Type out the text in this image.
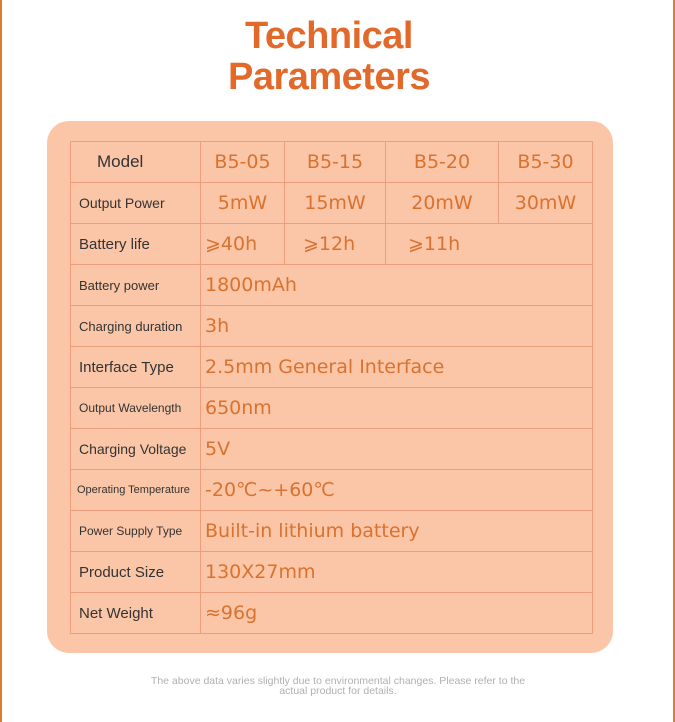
Technical
Parameters
Model	B5-05	B5-15	B5-20	B5-30
Output Power	5mW	15mW	20mW	30mW
Battery life	⩾40h	⩾12h	⩾11h	
Battery power	1800mAh			
Charging duration	3h			
Interface Type	2.5mm General Interface			
Output Wavelength	650nm			
Charging Voltage	5V			
Operating Temperature	-20℃~+60℃			
Power Supply Type	Built-in lithium battery			
Product Size	130X27mm			
Net Weight	≈96g			
The above data varies slightly due to environmental changes. Please refer to the
actual product for details.
